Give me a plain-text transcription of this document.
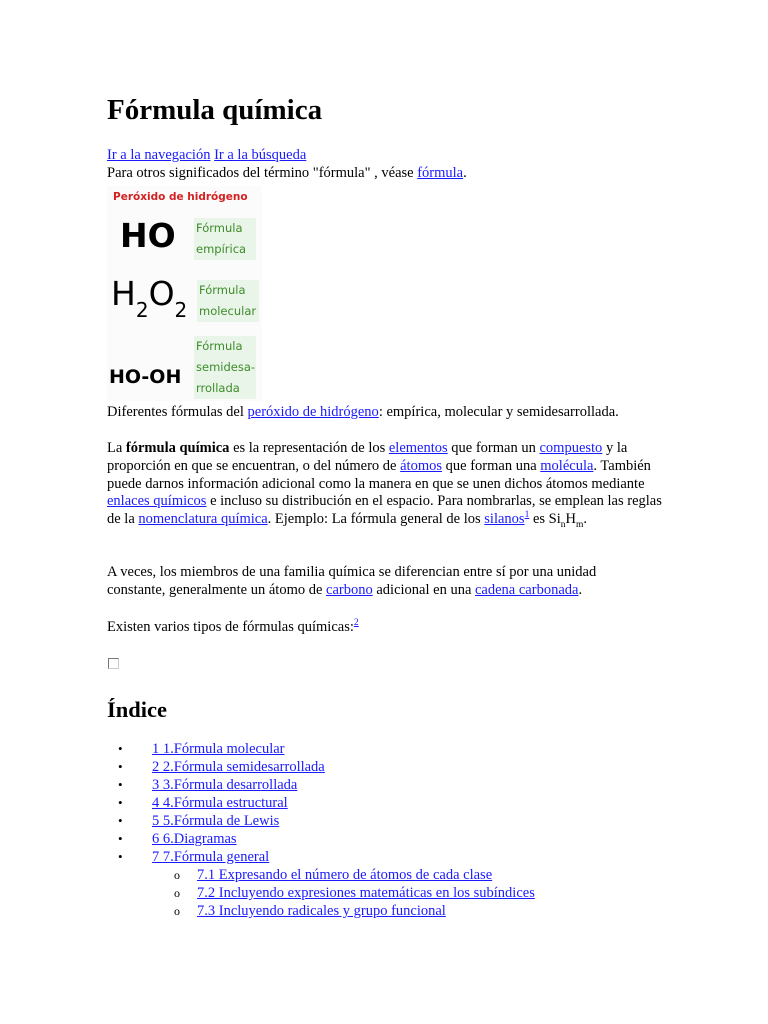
Fórmula química
Ir a la navegación Ir a la búsqueda
Para otros significados del término "fórmula" , véase fórmula.
Peróxido de hidrógeno
HO Fórmula empírica
$H_2O_2$
Fórmula molecular
HO-OH
Fórmula semidesa-rrollada
Diferentes fórmulas del peróxido de hidrógeno: empírica, molecular y semidesarrollada.
La fórmula química es la representación de los elementos que forman un compuesto y la proporción en que se encuentran, o del número de átomos que forman una molécula. También puede darnos información adicional como la manera en que se unen dichos átomos mediante enlaces químicos e incluso su distribución en el espacio. Para nombrarlas, se emplean las reglas de la nomenclatura química. Ejemplo: La fórmula general de los silanos$^1$ es $Si_nH_m$.
A veces, los miembros de una familia química se diferencian entre sí por una unidad constante, generalmente un átomo de carbono adicional en una cadena carbonada.
Existen varios tipos de fórmulas químicas:$^2$
Índice
• 1 1.Fórmula molecular
• 2 2.Fórmula semidesarrollada
• 3 3.Fórmula desarrollada
• 4 4.Fórmula estructural
• 5 5.Fórmula de Lewis
• 6 6.Diagramas
• 7 7.Fórmula general
o 7.1 Expresando el número de átomos de cada clase
o 7.2 Incluyendo expresiones matemáticas en los subíndices
o 7.3 Incluyendo radicales y grupo funcional
